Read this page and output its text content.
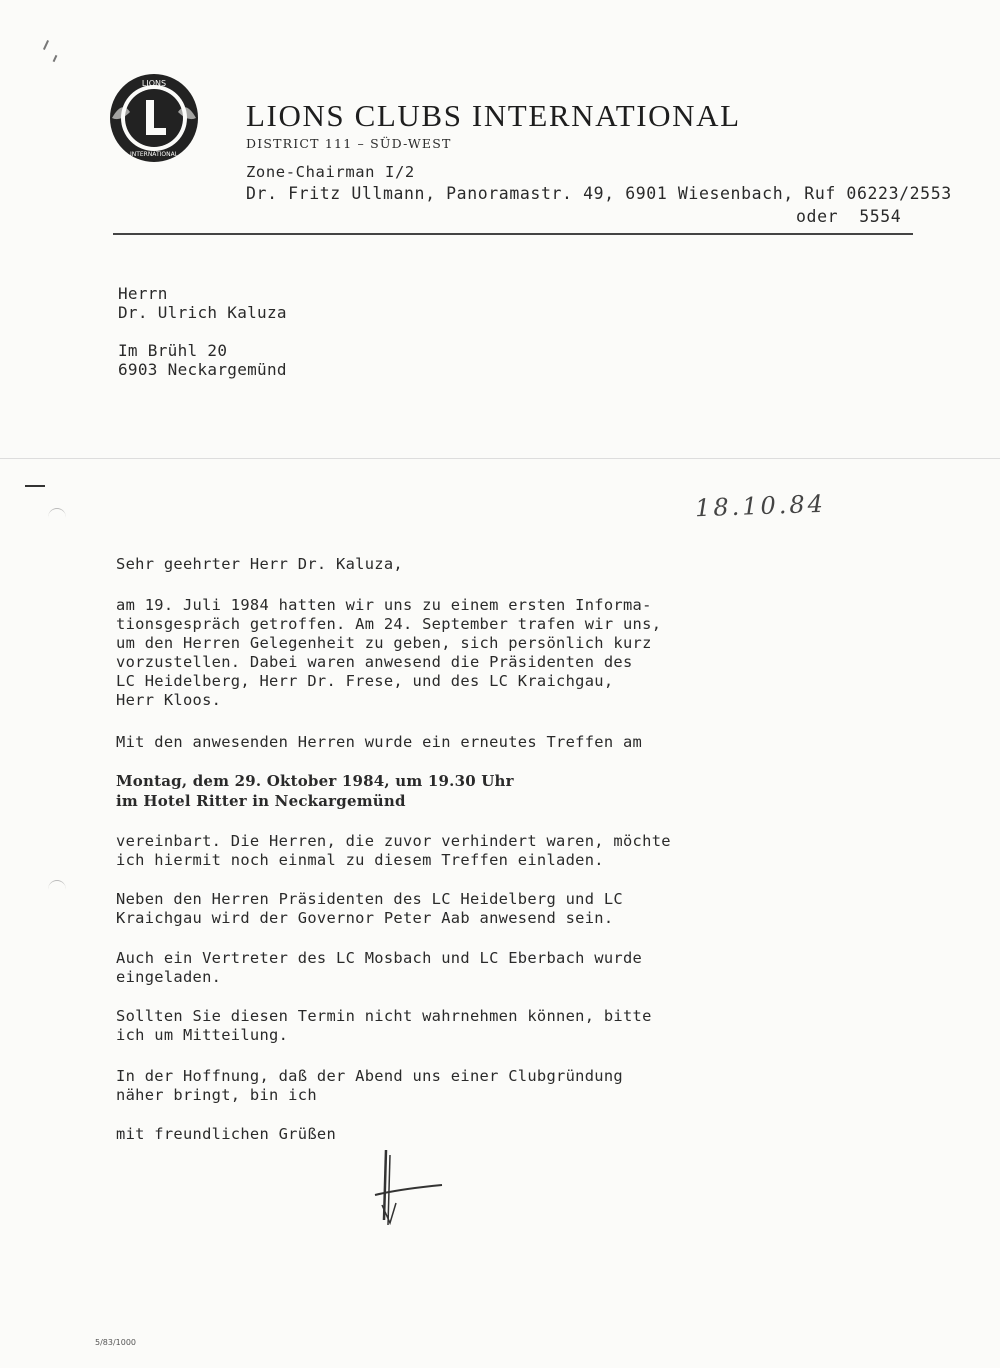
LIONS
INTERNATIONAL
LIONS CLUBS INTERNATIONAL
DISTRICT 111 – SÜD-WEST
Zone-Chairman I/2
Dr. Fritz Ullmann, Panoramastr. 49, 6901 Wiesenbach, Ruf 06223/2553
oder  5554
Herrn
Dr. Ulrich Kaluza
Im Brühl 20
6903 Neckargemünd
18.10.84
Sehr geehrter Herr Dr. Kaluza,
am 19. Juli 1984 hatten wir uns zu einem ersten Informa-
tionsgespräch getroffen. Am 24. September trafen wir uns,
um den Herren Gelegenheit zu geben, sich persönlich kurz
vorzustellen. Dabei waren anwesend die Präsidenten des
LC Heidelberg, Herr Dr. Frese, und des LC Kraichgau,
Herr Kloos.
Mit den anwesenden Herren wurde ein erneutes Treffen am
Montag, dem 29. Oktober 1984, um 19.30 Uhr
im Hotel Ritter in Neckargemünd
vereinbart. Die Herren, die zuvor verhindert waren, möchte
ich hiermit noch einmal zu diesem Treffen einladen.
Neben den Herren Präsidenten des LC Heidelberg und LC
Kraichgau wird der Governor Peter Aab anwesend sein.
Auch ein Vertreter des LC Mosbach und LC Eberbach wurde
eingeladen.
Sollten Sie diesen Termin nicht wahrnehmen können, bitte
ich um Mitteilung.
In der Hoffnung, daß der Abend uns einer Clubgründung
näher bringt, bin ich
mit freundlichen Grüßen
5/83/1000
